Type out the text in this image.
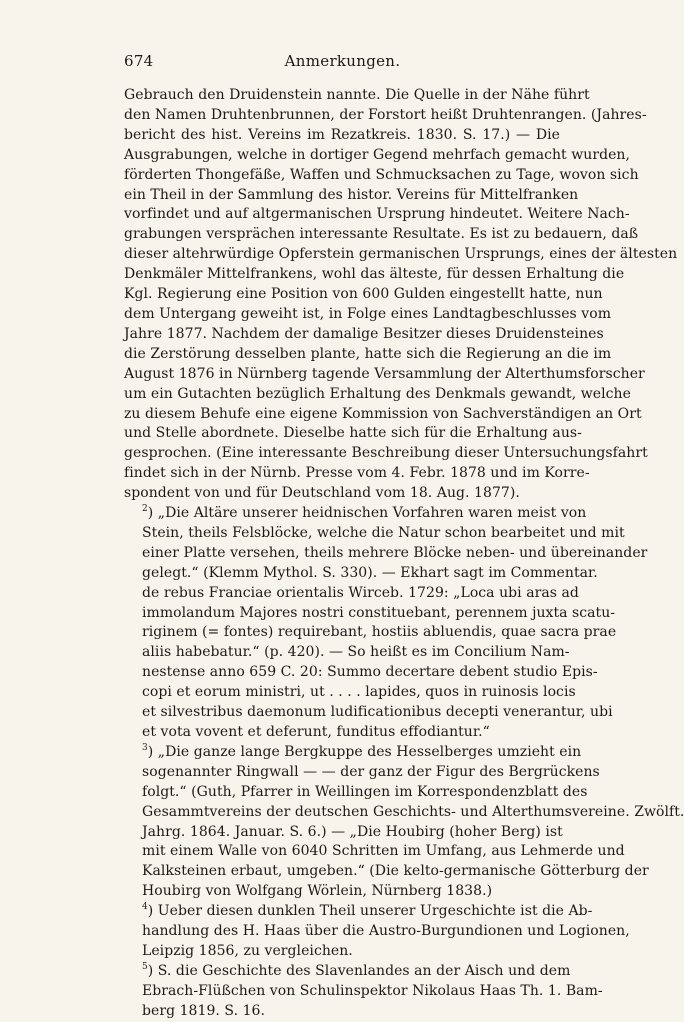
674	Anmerkungen.

Gebrauch den Druidenstein nannte. Die Quelle in der Nähe führt
den Namen Druhtenbrunnen, der Forstort heißt Druhtenrangen. (Jahres-
bericht des hist. Vereins im Rezatkreis. 1830. S. 17.) — Die
Ausgrabungen, welche in dortiger Gegend mehrfach gemacht wurden,
förderten Thongefäße, Waffen und Schmucksachen zu Tage, wovon sich
ein Theil in der Sammlung des histor. Vereins für Mittelfranken
vorfindet und auf altgermanischen Ursprung hindeutet. Weitere Nach-
grabungen versprächen interessante Resultate. Es ist zu bedauern, daß
dieser altehrwürdige Opferstein germanischen Ursprungs, eines der ältesten
Denkmäler Mittelfrankens, wohl das älteste, für dessen Erhaltung die
Kgl. Regierung eine Position von 600 Gulden eingestellt hatte, nun
dem Untergang geweiht ist, in Folge eines Landtagbeschlusses vom
Jahre 1877. Nachdem der damalige Besitzer dieses Druidensteines
die Zerstörung desselben plante, hatte sich die Regierung an die im
August 1876 in Nürnberg tagende Versammlung der Alterthumsforscher
um ein Gutachten bezüglich Erhaltung des Denkmals gewandt, welche
zu diesem Behufe eine eigene Kommission von Sachverständigen an Ort
und Stelle abordnete. Dieselbe hatte sich für die Erhaltung aus-
gesprochen. (Eine interessante Beschreibung dieser Untersuchungsfahrt
findet sich in der Nürnb. Presse vom 4. Febr. 1878 und im Korre-
spondent von und für Deutschland vom 18. Aug. 1877).

$^2$) „Die Altäre unserer heidnischen Vorfahren waren meist von
Stein, theils Felsblöcke, welche die Natur schon bearbeitet und mit
einer Platte versehen, theils mehrere Blöcke neben- und übereinander
gelegt.“ (Klemm Mythol. S. 330). — Ekhart sagt im Commentar.
de rebus Franciae orientalis Wirceb. 1729: „Loca ubi aras ad
immolandum Majores nostri constituebant, perennem juxta scatu-
riginem (= fontes) requirebant, hostiis abluendis, quae sacra prae
aliis habebatur.“ (p. 420). — So heißt es im Concilium Nam-
nestense anno 659 C. 20: Summo decertare debent studio Epis-
copi et eorum ministri, ut . . . . lapides, quos in ruinosis locis
et silvestribus daemonum ludificationibus decepti venerantur, ubi
et vota vovent et deferunt, funditus effodiantur.“

$^3$) „Die ganze lange Bergkuppe des Hesselberges umzieht ein
sogenannter Ringwall — — der ganz der Figur des Bergrückens
folgt.“ (Guth, Pfarrer in Weillingen im Korrespondenzblatt des
Gesammtvereins der deutschen Geschichts- und Alterthumsvereine. Zwölft.
Jahrg. 1864. Januar. S. 6.) — „Die Houbirg (hoher Berg) ist
mit einem Walle von 6040 Schritten im Umfang, aus Lehmerde und
Kalksteinen erbaut, umgeben.“ (Die kelto-germanische Götterburg der
Houbirg von Wolfgang Wörlein, Nürnberg 1838.)

$^4$) Ueber diesen dunklen Theil unserer Urgeschichte ist die Ab-
handlung des H. Haas über die Austro-Burgundionen und Logionen,
Leipzig 1856, zu vergleichen.

$^5$) S. die Geschichte des Slavenlandes an der Aisch und dem
Ebrach-Flüßchen von Schulinspektor Nikolaus Haas Th. 1. Bam-
berg 1819. S. 16.
